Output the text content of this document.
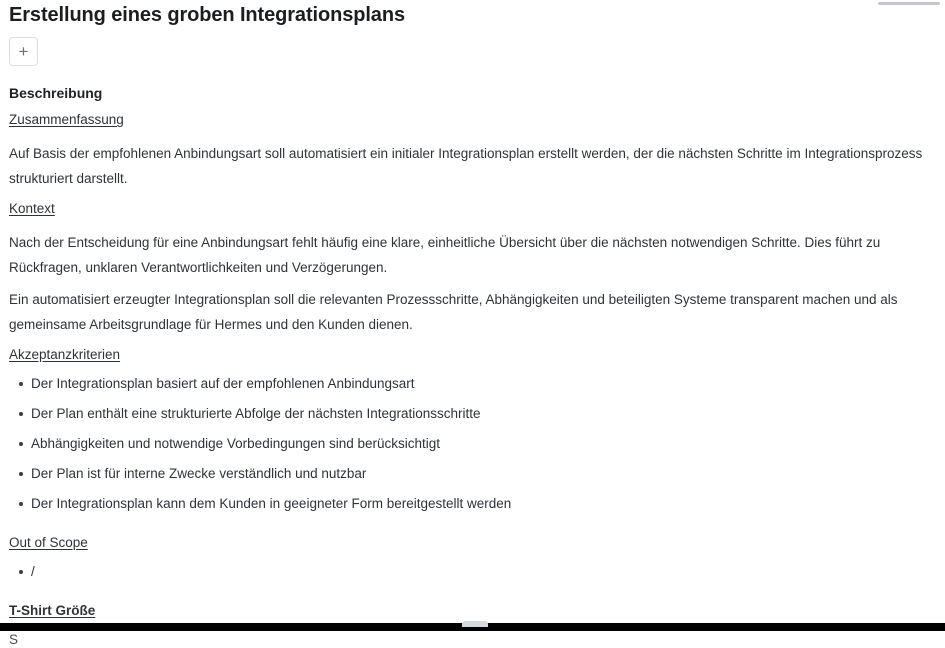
Erstellung eines groben Integrationsplans
+
Beschreibung
Zusammenfassung

Auf Basis der empfohlenen Anbindungsart soll automatisiert ein initialer Integrationsplan erstellt werden, der die nächsten Schritte im Integrationsprozess strukturiert darstellt.

Kontext

Nach der Entscheidung für eine Anbindungsart fehlt häufig eine klare, einheitliche Übersicht über die nächsten notwendigen Schritte. Dies führt zu Rückfragen, unklaren Verantwortlichkeiten und Verzögerungen.

Ein automatisiert erzeugter Integrationsplan soll die relevanten Prozessschritte, Abhängigkeiten und beteiligten Systeme transparent machen und als gemeinsame Arbeitsgrundlage für Hermes und den Kunden dienen.

Akzeptanzkriterien
Der Integrationsplan basiert auf der empfohlenen Anbindungsart
Der Plan enthält eine strukturierte Abfolge der nächsten Integrationsschritte
Abhängigkeiten und notwendige Vorbedingungen sind berücksichtigt
Der Plan ist für interne Zwecke verständlich und nutzbar
Der Integrationsplan kann dem Kunden in geeigneter Form bereitgestellt werden
Out of Scope
/
T-Shirt Größe

S
